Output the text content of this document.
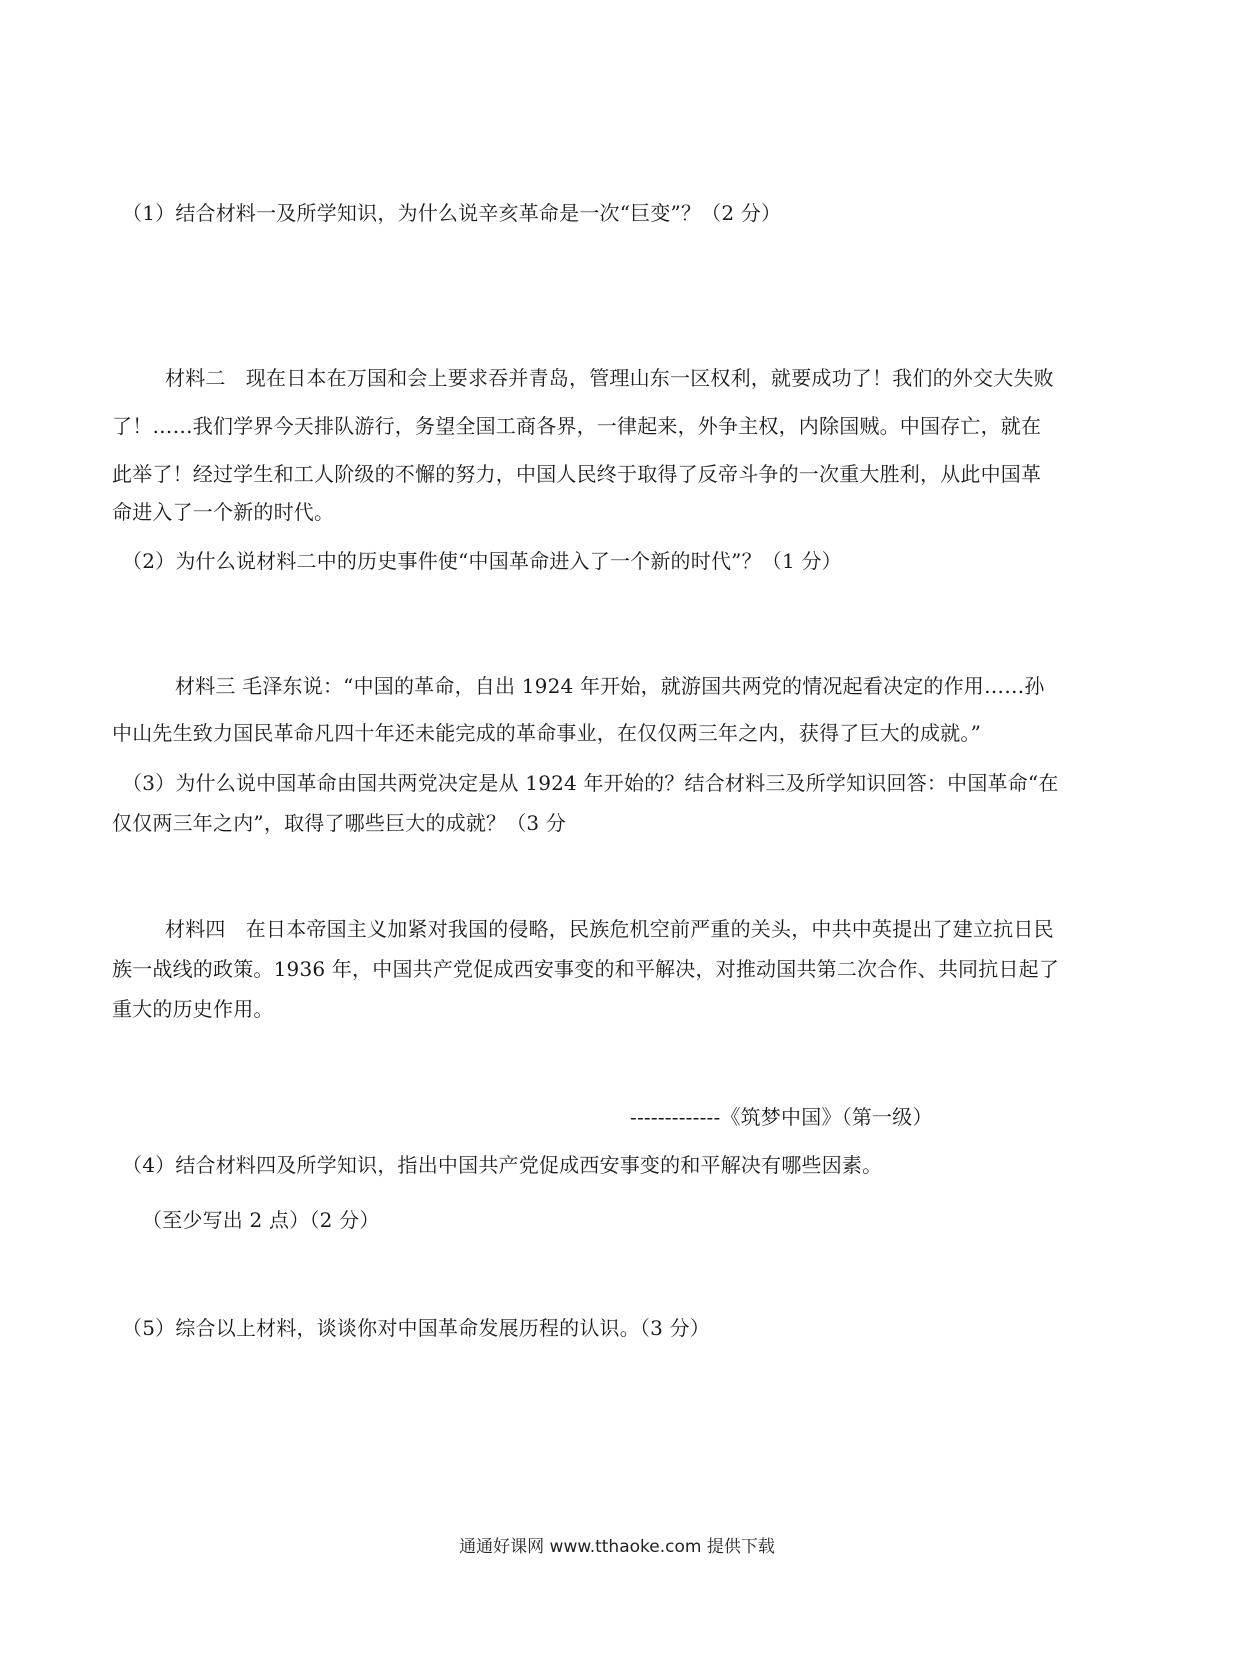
（1）结合材料一及所学知识，为什么说辛亥革命是一次“巨变”？（2 分）
材料二　现在日本在万国和会上要求吞并青岛，管理山东一区权利，就要成功了！我们的外交大失败
了！……我们学界今天排队游行，务望全国工商各界，一律起来，外争主权，内除国贼。中国存亡，就在
此举了！经过学生和工人阶级的不懈的努力，中国人民终于取得了反帝斗争的一次重大胜利，从此中国革
命进入了一个新的时代。
（2）为什么说材料二中的历史事件使“中国革命进入了一个新的时代”？（1 分）
材料三 毛泽东说：“中国的革命，自出 1924 年开始，就游国共两党的情况起看决定的作用……孙
中山先生致力国民革命凡四十年还未能完成的革命事业，在仅仅两三年之内，获得了巨大的成就。”
（3）为什么说中国革命由国共两党决定是从 1924 年开始的？结合材料三及所学知识回答：中国革命“在
仅仅两三年之内”，取得了哪些巨大的成就？（3 分
材料四　在日本帝国主义加紧对我国的侵略，民族危机空前严重的关头，中共中英提出了建立抗日民
族一战线的政策。1936 年，中国共产党促成西安事变的和平解决，对推动国共第二次合作、共同抗日起了
重大的历史作用。
-------------《筑梦中国》（第一级）
（4）结合材料四及所学知识，指出中国共产党促成西安事变的和平解决有哪些因素。
（至少写出 2 点）（2 分）
（5）综合以上材料，谈谈你对中国革命发展历程的认识。（3 分）
通通好课网 www.tthaoke.com 提供下载
